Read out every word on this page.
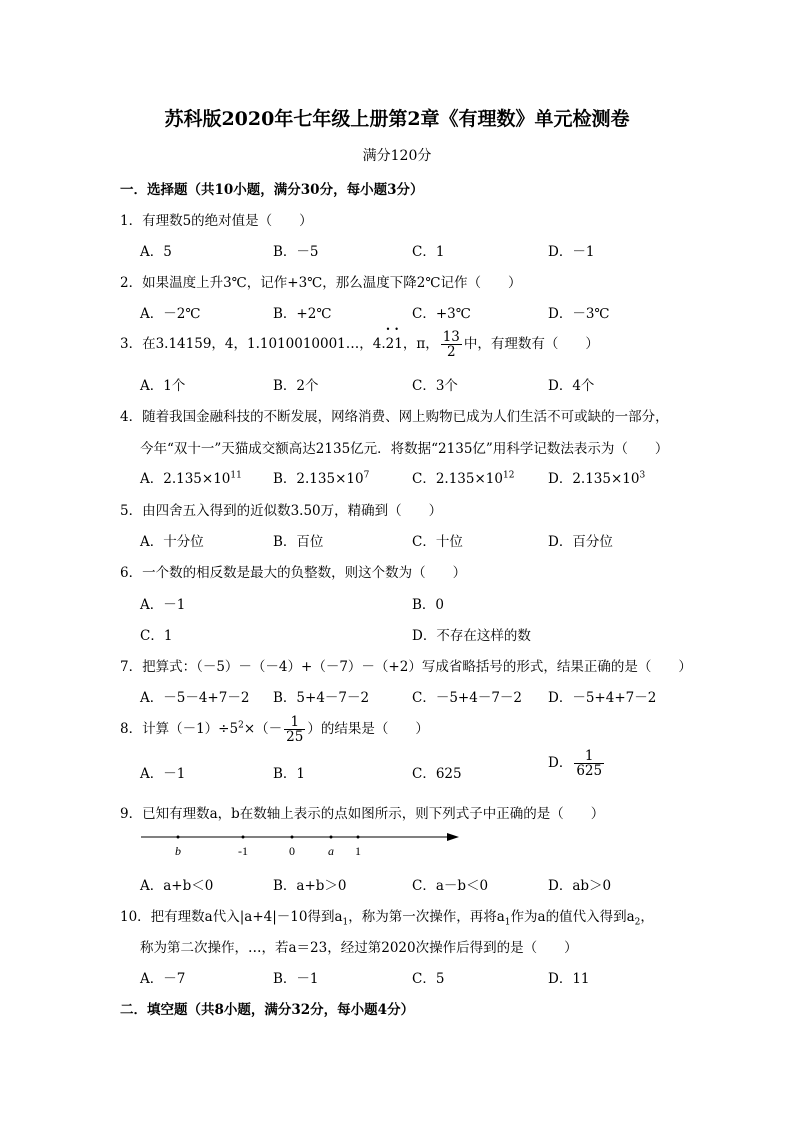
苏科版2020年七年级上册第2章《有理数》单元检测卷
满分120分
一．选择题（共10小题，满分30分，每小题3分）
1．有理数5的绝对值是（　　）
A．5	B．－5	C．1	D．－1
2．如果温度上升3℃，记作+3℃，那么温度下降2℃记作（　　）
A．－2℃	B．+2℃	C．+3℃	D．－3℃
3．在3.14159，4，1.1010010001…，4.• 2• 1，π， $\frac{13}{2}$ 中，有理数有（　　）
A．1个	B．2个	C．3个	D．4个
4．随着我国金融科技的不断发展，网络消费、网上购物已成为人们生活不可或缺的一部分，
今年“双十一”天猫成交额高达2135亿元．将数据“2135亿”用科学记数法表示为（　　）
A．$2.135\times 10^{11}$ B．$2.135\times 10^7$	C．$2.135\times 10^{12}$ D．$2.135\times 10^3$
5．由四舍五入得到的近似数3.50万，精确到（　　）
A．十分位	B．百位	C．十位	D．百分位
6．一个数的相反数是最大的负整数，则这个数为（　　）
A．－1	B．0
C．1	D．不存在这样的数
7．把算式：（－5）－（－4）+（－7）－（+2）写成省略括号的形式，结果正确的是（　　）
A．－5－4+7－2 B．5+4－7－2	C．－5+4－7－2 D．－5+4+7－2
8．计算$(-1)\div 5^2\times(- \frac{1}{25}$ ）的结果是（　　）
A．－1	B．1	C．625
D． $\frac{1}{625}$
9．已知有理数a，b在数轴上表示的点如图所示，则下列式子中正确的是（　　）
b	-1	0	a 1
A．a+b＜0	B．a+b＞0	C．a－b＜0	D．ab＞0
10．把有理数a代入|a+4|－10得到$a_1$，称为第一次操作，再将$a_1$作为a的值代入得到$a_2$，
称为第二次操作，…，若a＝23，经过第2020次操作后得到的是（　　）
A．－7	B．－1	C．5	D．11
二．填空题（共8小题，满分32分，每小题4分）
